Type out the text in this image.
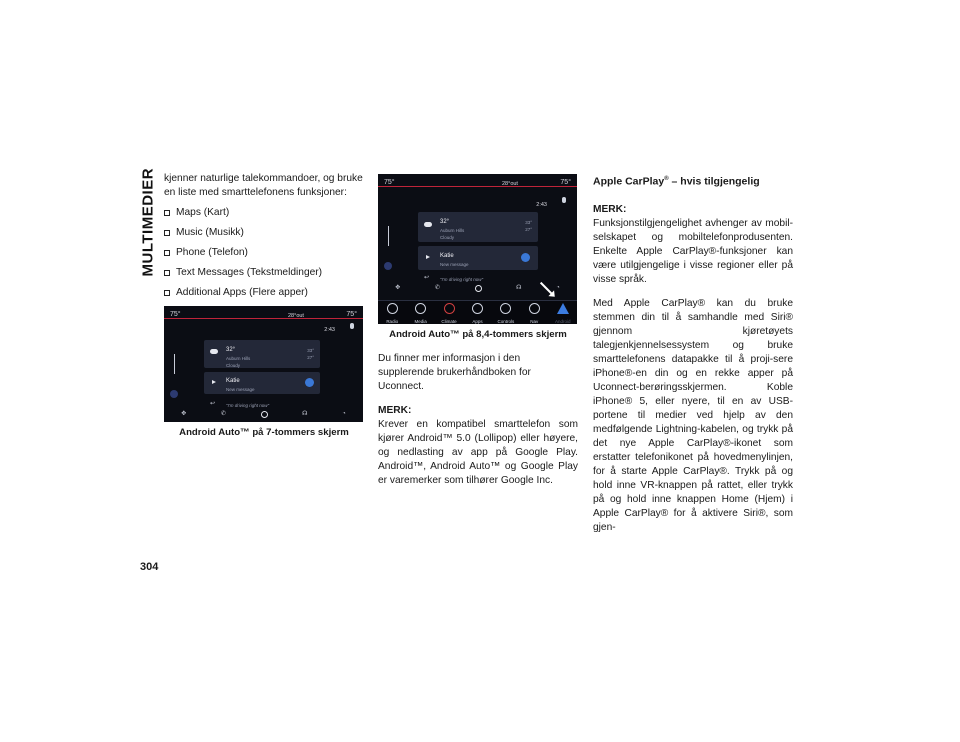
MULTIMEDIER kjenner naturlige talekommandoer, og bruke en liste med smarttelefonens funksjoner:

Maps (Kart)
Music (Musikk)
Phone (Telefon)
Text Messages (Tekstmeldinger)
Additional Apps (Flere apper)
75°	28°out	75°
2:43
32°
Auburn Hills
Cloudy
33°
27°
Katie
New message
↩ "I'm driving right now"
✥	✆	☊	◔
Android Auto™ på 7-tommers skjerm
75°	28°out	75°
2:43
32°
Auburn Hills
Cloudy
33°
27°
Katie
New message
↩ "I'm driving right now"
✥	✆	☊	◔
Radio	Media	Climate	Apps	Controls	Nav	Android
Android Auto™ på 8,4-tommers skjerm

Du finner mer informasjon i den supplerende brukerhåndboken for Uconnect.

MERK:

Krever en kompatibel smarttelefon som kjører Android™ 5.0 (Lollipop) eller høyere, og nedlasting av app på Google Play. Android™, Android Auto™ og Google Play er varemerker som tilhører Google Inc.

Apple CarPlay® – hvis tilgjengelig

MERK:

Funksjonstilgjengelighet avhenger av mobil-selskapet og mobiltelefonprodusenten. Enkelte Apple CarPlay®-funksjoner kan være utilgjengelige i visse regioner eller på visse språk.

Med Apple CarPlay® kan du bruke stemmen din til å samhandle med Siri® gjennom kjøretøyets talegjenkjennelsessystem og bruke smarttelefonens datapakke til å proji-sere iPhone®-en din og en rekke apper på Uconnect-berøringsskjermen. Koble iPhone® 5, eller nyere, til en av USB-portene til medier ved hjelp av den medfølgende Lightning-kabelen, og trykk på det nye Apple CarPlay®-ikonet som erstatter telefonikonet på hovedmenylinjen, for å starte Apple CarPlay®. Trykk på og hold inne VR-knappen på rattet, eller trykk på og hold inne knappen Home (Hjem) i Apple CarPlay® for å aktivere Siri®, som gjen-

304
